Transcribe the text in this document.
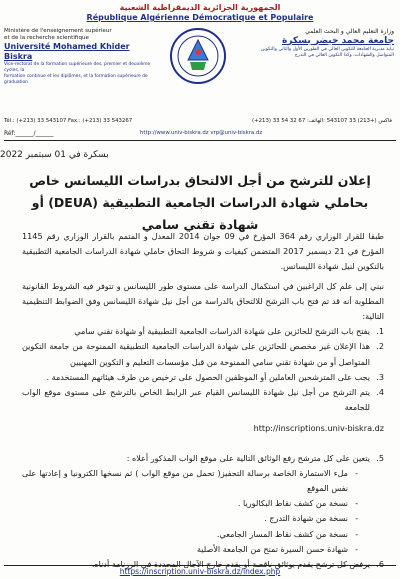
الجمهورية الجزائرية الديمقراطية الشعبية
République Algérienne Démocratique et Populaire
Ministère de l'enseignement supérieur
et de la recherche scientifique
Université Mohamed Khider Biskra
Vice-rectorat de la formation supérieure des, premier et deuxième cycles, la
formation continue et les diplômes, et la formation supérieure de graduation
وزارة التعليم العالي و البحث العلمي
جامعة محمد خيضر بسكرة
نيابة مديرية الجامعة للتكوين العالي في الطورين الأول والثاني والتكوين
المتواصل والشهادات، وكذا التكوين العالي في التدرج
Tél.: (+213) 33 543107 Fax.: (+213) 33 543267	(+213) 33 54 32 67 :فاكس (+213) 33 543107 :الهاتف
Réf:______/______	http://www.univ-biskra.dz vrp@univ-biskra.dz
بسكرة في 01 سبتمبر 2022
إعلان للترشح من أجل الالتحاق بدراسات الليسانس خاص بحاملي شهادة الدراسات الجامعية التطبيقية (DEUA) أو شهادة تقني سامي

طبقا للقرار الوزاري رقم 364 المؤرخ في 09 جوان 2014 المعدل و المتمم بالقرار الوزاري رقم 1145 المؤرخ في 21 ديسمبر 2017 المتضمن كيفيات و شروط التحاق حاملي شهادة الدراسات الجامعية التطبيقية بالتكوين لنيل شهادة الليسانس.

نبني إلى علم كل الراغبين في استكمال الدراسة على مستوى طور الليسانس و تتوفر فيه الشروط القانونية المطلوبة أنه قد تم فتح باب الترشح للالتحاق بالدراسة من أجل نيل شهادة الليسانس وفق الضوابط التنظيمية التالية:

1.
يفتح باب الترشح للحائزين على شهادة الدراسات الجامعية التطبيقية أو شهادة تقني سامي
2.
هذا الإعلان غير مخصص للحائزين على شهادة الدراسات الجامعية التطبيقية الممنوحة من جامعة التكوين المتواصل أو من شهادة تقني سامي الممنوحة من قبل مؤسسات التعليم و التكوين المهنيين
3.
يجب على المترشحين العاملين أو الموظفين الحصول على ترخيص من طرف هيئاتهم المستخدمة .
4.
يتم الترشح من أجل نيل شهادة الليسانس القيام عبر الرابط الخاص بالترشح على مستوى موقع الواب للجامعة
http://inscriptions.univ-biskra.dz
5.
يتعين على كل مترشح رفع الوثائق التالية على موقع الواب المذكور أعلاه :
- ملء الاستمارة الخاصة برسالة التحفيز( تحمل من موقع الواب ) ثم نسخها الكترونيا و إعادتها على نفس الموقع
- نسخة من كشف نقاط البكالوريا .
- نسخة من شهادة التدرج .
- نسخة من كشف نقاط المسار الجامعي.
- شهادة حسن السيرة تمنح من الجامعة الأصلية
https://inscription.univ-biskra.dz/index.php
